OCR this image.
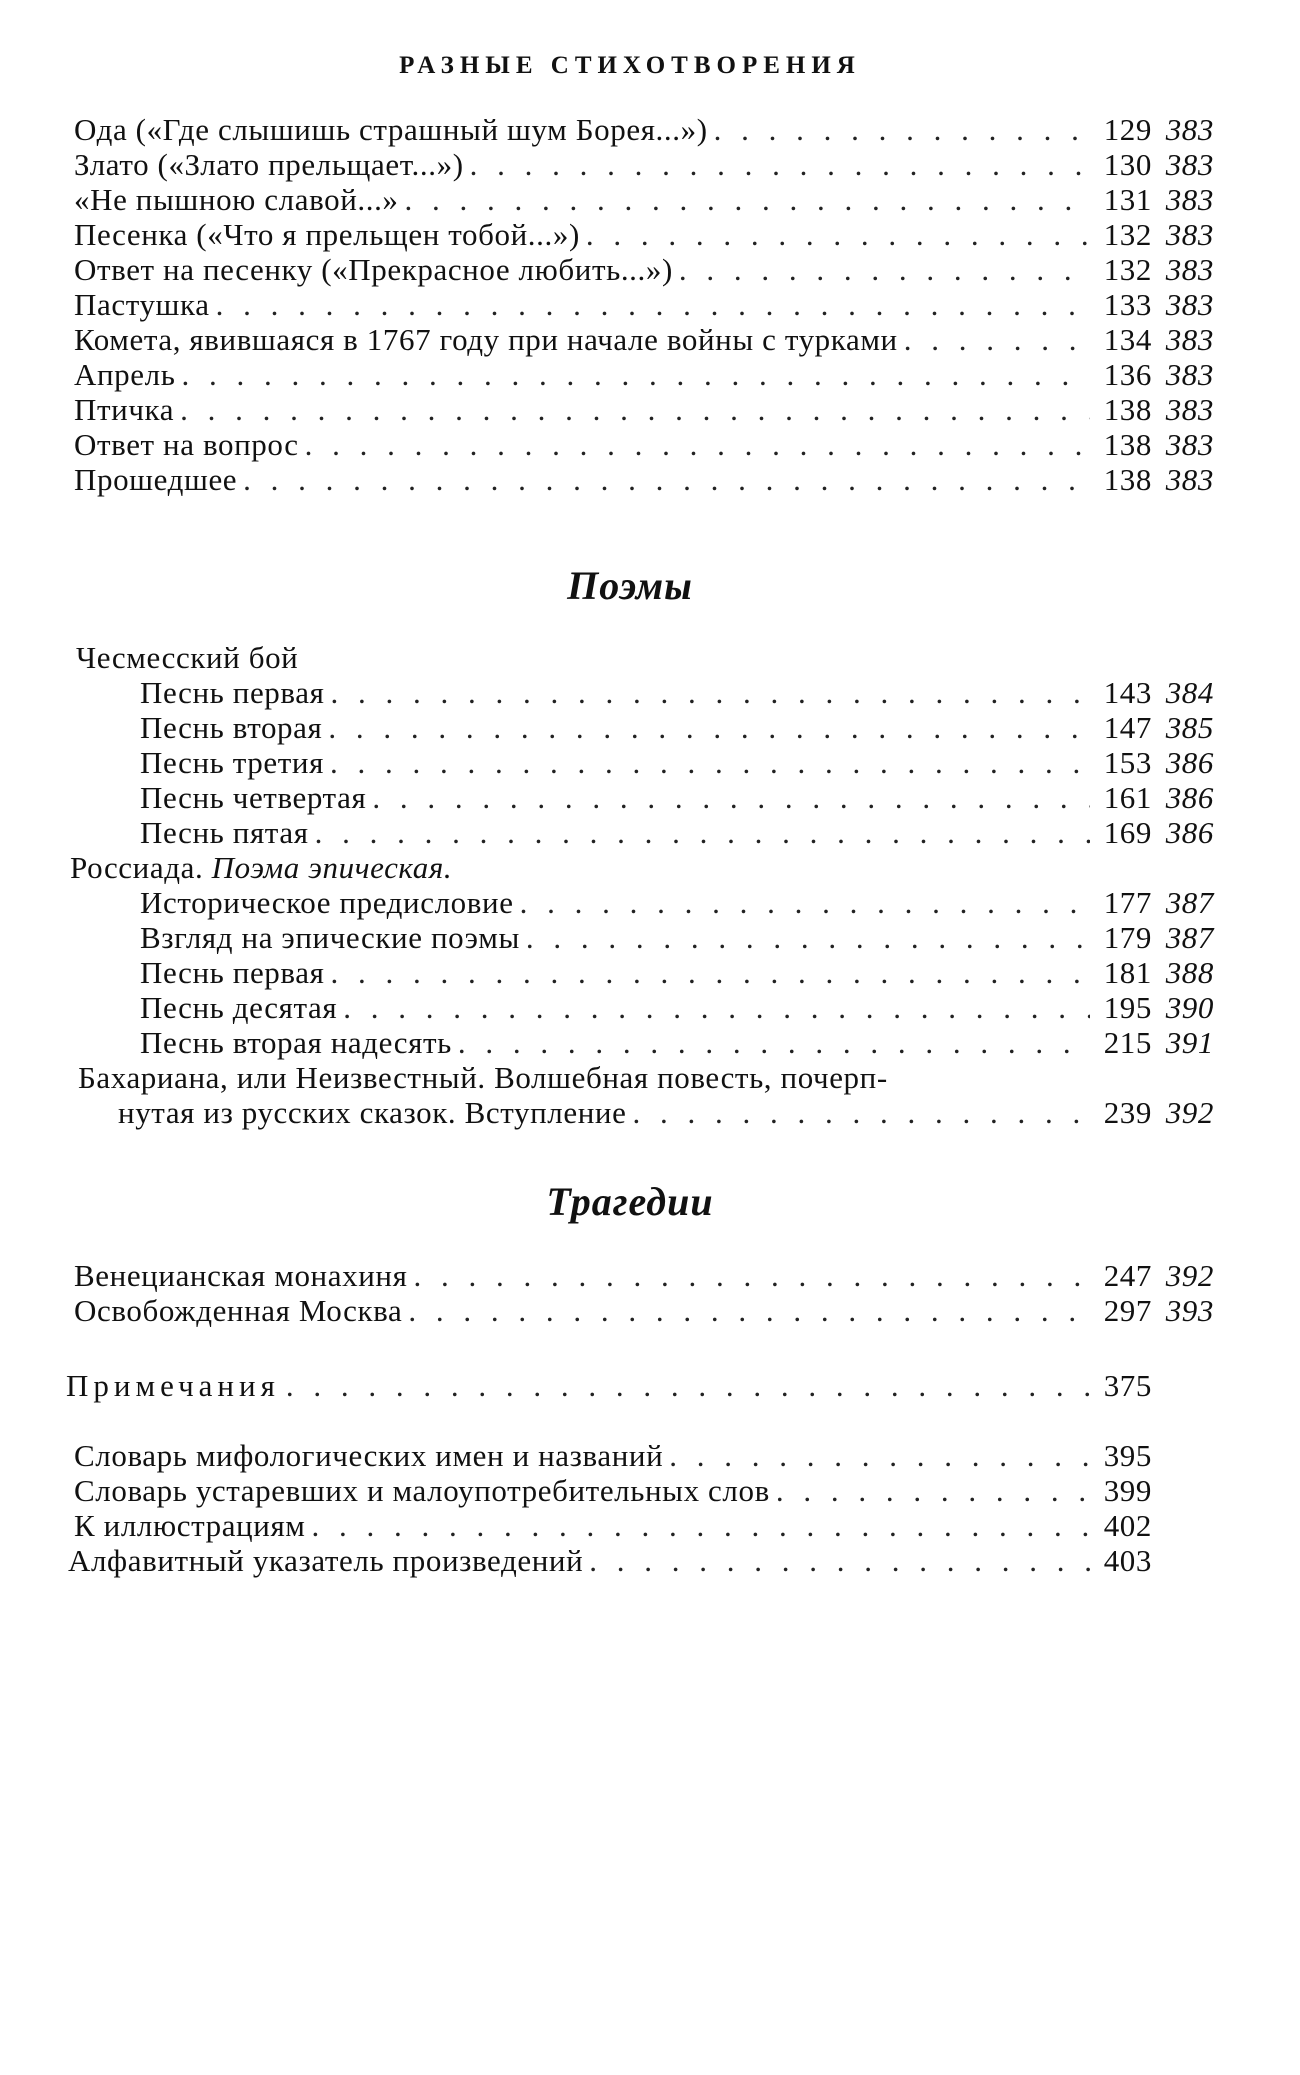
РАЗНЫЕ СТИХОТВОРЕНИЯ
Ода («Где слышишь страшный шум Борея...») . . .	129 383
Злато («Злато прельщает...») . . .	130 383
«Не пышною славой...» . . .	131 383
Песенка («Что я прельщен тобой...») . . .	132 383
Ответ на песенку («Прекрасное любить...») . . .	132 383
Пастушка . . .	133 383
Комета, явившаяся в 1767 году при начале войны с турками . . .	134 383
Апрель . . .	136 383
Птичка . . .	138 383
Ответ на вопрос . . .	138 383
Прошедшее . . .	138 383
Поэмы
Чесмесский бой
Песнь первая . . .	143 384
Песнь вторая . . .	147 385
Песнь третия . . .	153 386
Песнь четвертая . . .	161 386
Песнь пятая . . .	169 386
Россиада. Поэма эпическая.
Историческое предисловие . . .	177 387
Взгляд на эпические поэмы . . .	179 387
Песнь первая . . .	181 388
Песнь десятая . . .	195 390
Песнь вторая надесять . . .	215 391
Бахариана, или Неизвестный. Волшебная повесть, почерп-
нутая из русских сказок. Вступление . . .	239 392
Трагедии
Венецианская монахиня . . .	247 392
Освобожденная Москва . . .	297 393
Примечания . . .	375
Словарь мифологических имен и названий . . .	395
Словарь устаревших и малоупотребительных слов . . .	399
К иллюстрациям . . .	402
Алфавитный указатель произведений . . .	403
